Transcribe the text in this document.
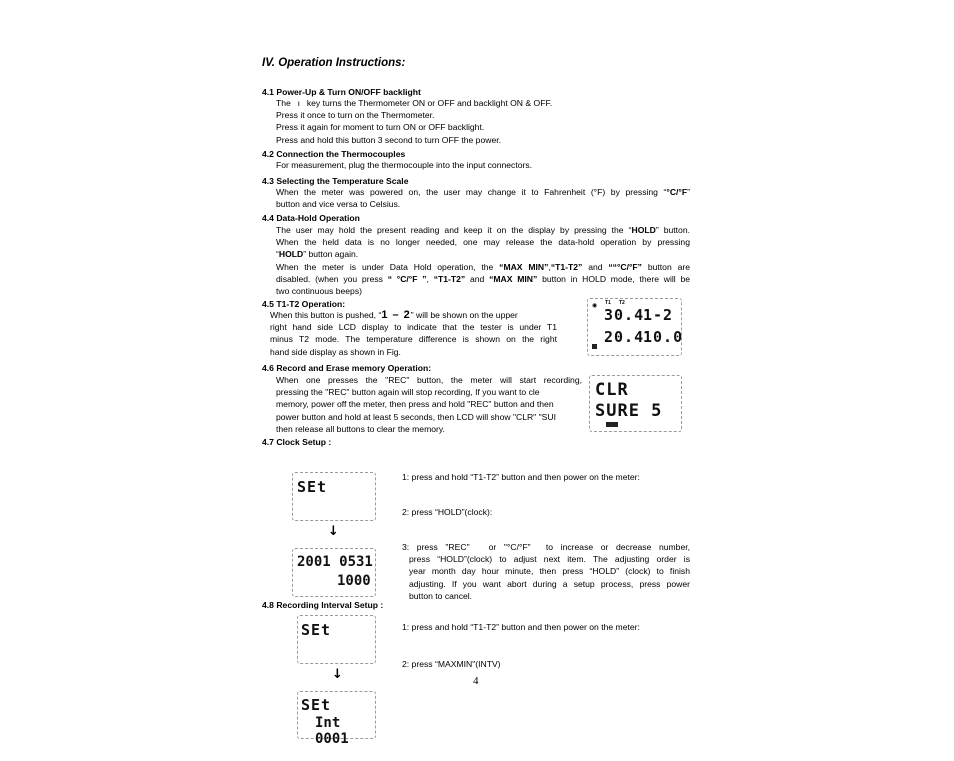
IV. Operation Instructions:
4.1 Power-Up & Turn ON/OFF backlight
The ı key turns the Thermometer ON or OFF and backlight ON & OFF.
Press it once to turn on the Thermometer.
Press it again for moment to turn ON or OFF backlight.
Press and hold this button 3 second to turn OFF the power.
4.2 Connection the Thermocouples
For measurement, plug the thermocouple into the input connectors.
4.3 Selecting the Temperature Scale
When the meter was powered on, the user may change it to Fahrenheit (°F) by pressing “°C/°F”
button and vice versa to Celsius.
4.4 Data-Hold Operation
The user may hold the present reading and keep it on the display by pressing the “HOLD” button.
When the held data is no longer needed, one may release the data-hold operation by pressing
“HOLD” button again.
When the meter is under Data Hold operation, the “MAX MIN”,“T1-T2” and ““°C/°F” button are
disabled. (when you press “ °C/°F ”, “T1-T2” and “MAX MIN” button in HOLD mode, there will be
two continuous beeps)
4.5 T1-T2 Operation:
When this button is pushed, “1 – 2” will be shown on the upper
right hand side LCD display to indicate that the tester is under T1
minus T2 mode. The temperature difference is shown on the right
hand side display as shown in Fig.
◉ T1 T2
30.4
1-2
20.4
10.0
4.6 Record and Erase memory Operation:
When one presses the "REC" button, the meter will start recording,
pressing the "REC" button again will stop recording, If you want to cle
memory, power off the meter, then press and hold "REC" button and then
power button and hold at least 5 seconds, then LCD will show "CLR" "SUI
then release all buttons to clear the memory.
CLR
SURE 5
4.7 Clock Setup :
SEt
↓
2001 0531
1000
1: press and hold “T1-T2” button and then power on the meter:
2: press “HOLD”(clock):
3:  press  "REC"     or  "°C/°F"    to  increase  or  decrease  number,
press “HOLD”(clock) to adjust next item. The adjusting order is
year month day hour minute, then press “HOLD” (clock) to finish
adjusting. If you want abort during a setup process, press power
button to cancel.
4.8 Recording Interval Setup :
SEt
↓
SEt
Int 0001
1: press and hold “T1-T2” button and then power on the meter:
2: press “MAXMIN"(INTV)
4
